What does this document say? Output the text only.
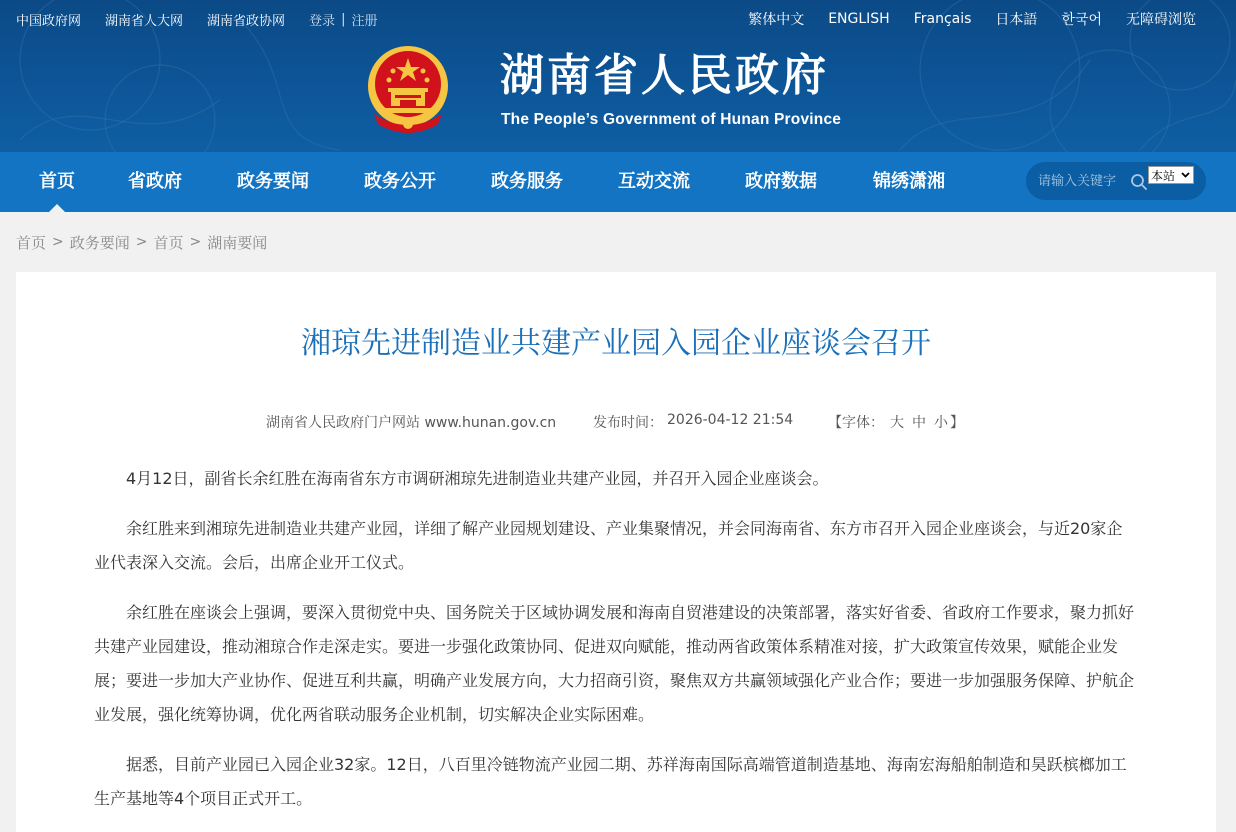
中国政府网 湖南省人大网 湖南省政协网 登录 | 注册	繁体中文 ENGLISH Français 日本語 한국어 无障碍浏览
湖南省人民政府
The People’s Government of Hunan Province
首页	省政府	政务要闻	政务公开	政务服务	互动交流	政府数据	锦绣潇湘
请输入关键字	本站
首页 > 政务要闻 > 首页 > 湖南要闻
湘琼先进制造业共建产业园入园企业座谈会召开
湖南省人民政府门户网站 www.hunan.gov.cn	发布时间： 2026-04-12 21:54 【字体： 大 中 小 】

4月12日，副省长余红胜在海南省东方市调研湘琼先进制造业共建产业园，并召开入园企业座谈会。

余红胜来到湘琼先进制造业共建产业园，详细了解产业园规划建设、产业集聚情况，并会同海南省、东方市召开入园企业座谈会，与近20家企业代表深入交流。会后，出席企业开工仪式。

余红胜在座谈会上强调，要深入贯彻党中央、国务院关于区域协调发展和海南自贸港建设的决策部署，落实好省委、省政府工作要求，聚力抓好共建产业园建设，推动湘琼合作走深走实。要进一步强化政策协同、促进双向赋能，推动两省政策体系精准对接，扩大政策宣传效果，赋能企业发展；要进一步加大产业协作、促进互利共赢，明确产业发展方向，大力招商引资，聚焦双方共赢领域强化产业合作；要进一步加强服务保障、护航企业发展，强化统筹协调，优化两省联动服务企业机制，切实解决企业实际困难。

据悉，目前产业园已入园企业32家。12日，八百里冷链物流产业园二期、苏祥海南国际高端管道制造基地、海南宏海船舶制造和昊跃槟榔加工生产基地等4个项目正式开工。
